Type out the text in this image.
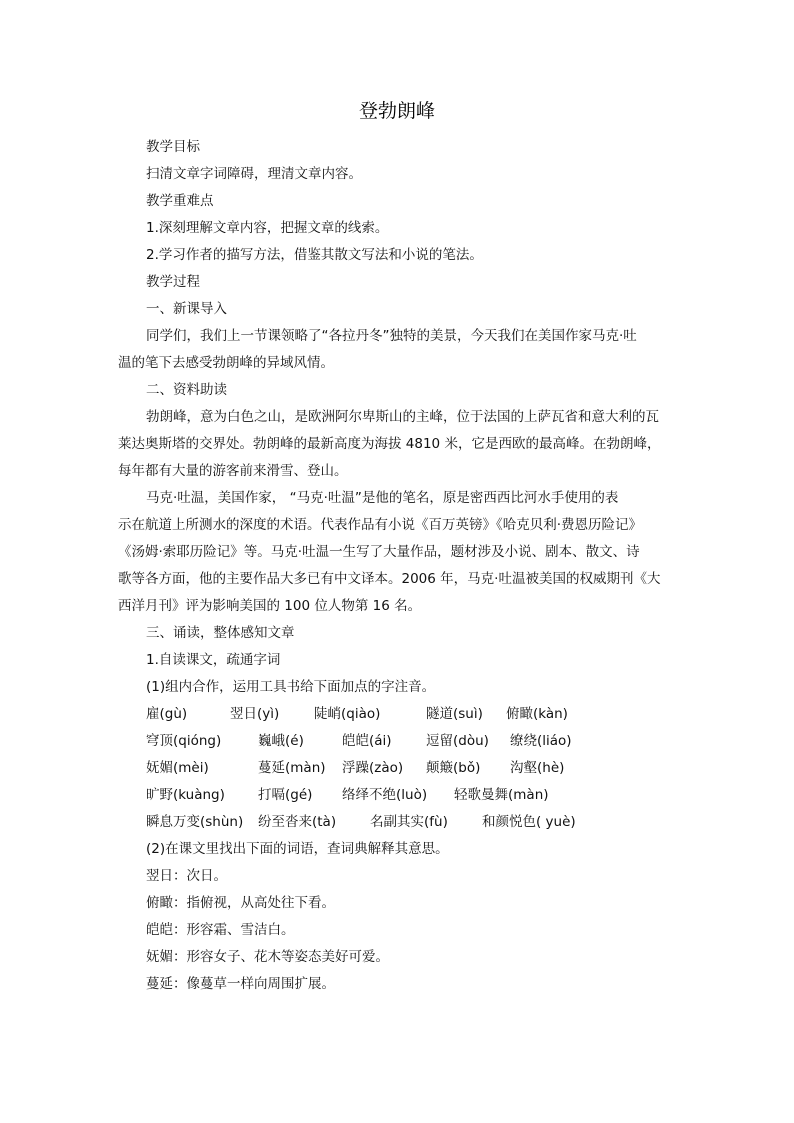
登勃朗峰
教学目标
扫清文章字词障碍，理清文章内容。
教学重难点
1.深刻理解文章内容，把握文章的线索。
2.学习作者的描写方法，借鉴其散文写法和小说的笔法。
教学过程
一、新课导入
同学们，我们上一节课领略了“各拉丹冬”独特的美景，今天我们在美国作家马克·吐
温的笔下去感受勃朗峰的异域风情。
二、资料助读
勃朗峰，意为白色之山，是欧洲阿尔卑斯山的主峰，位于法国的上萨瓦省和意大利的瓦
莱达奥斯塔的交界处。勃朗峰的最新高度为海拔 4810 米，它是西欧的最高峰。在勃朗峰，
每年都有大量的游客前来滑雪、登山。
马克·吐温，美国作家， “马克·吐温”是他的笔名，原是密西西比河水手使用的表
示在航道上所测水的深度的术语。代表作品有小说《百万英镑》《哈克贝利·费恩历险记》
《汤姆·索耶历险记》等。马克·吐温一生写了大量作品，题材涉及小说、剧本、散文、诗
歌等各方面，他的主要作品大多已有中文译本。2006 年，马克·吐温被美国的权威期刊《大
西洋月刊》评为影响美国的 100 位人物第 16 名。
三、诵读，整体感知文章
1.自读课文，疏通字词
(1)组内合作，运用工具书给下面加点的字注音。
雇(gù)	翌日(yì)	陡峭(qiào)	隧道(suì) 俯瞰(kàn)
穹顶(qióng)	巍峨(é)	皑皑(ái)	逗留(dòu) 缭绕(liáo)
妩媚(mèi)	蔓延(màn) 浮躁(zào) 颠簸(bǒ) 沟壑(hè)
旷野(kuàng) 打嗝(gé) 络绎不绝(luò) 轻歌曼舞(màn)
瞬息万变(shùn) 纷至沓来(tà)	名副其实(fù)	和颜悦色( yuè)
(2)在课文里找出下面的词语，查词典解释其意思。
翌日：次日。
俯瞰：指俯视，从高处往下看。
皑皑：形容霜、雪洁白。
妩媚：形容女子、花木等姿态美好可爱。
蔓延：像蔓草一样向周围扩展。
